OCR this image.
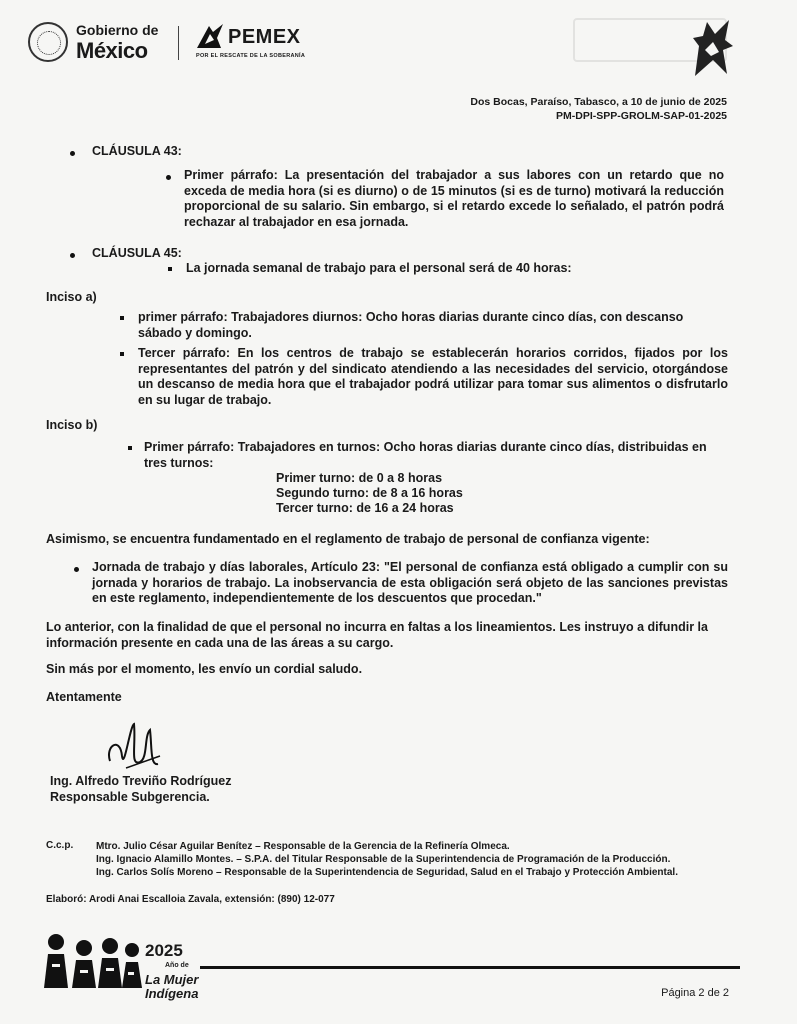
Gobierno de
México
PEMEX
POR EL RESCATE DE LA SOBERANÍA
Dos Bocas, Paraíso, Tabasco, a 10 de junio de 2025
PM-DPI-SPP-GROLM-SAP-01-2025
CLÁUSULA 43:
Primer párrafo: La presentación del trabajador a sus labores con un retardo que no exceda de media hora (si es diurno) o de 15 minutos (si es de turno) motivará la reducción proporcional de su salario. Sin embargo, si el retardo excede lo señalado, el patrón podrá rechazar al trabajador en esa jornada.
CLÁUSULA 45:
La jornada semanal de trabajo para el personal será de 40 horas:
Inciso a)
primer párrafo: Trabajadores diurnos: Ocho horas diarias durante cinco días, con descanso sábado y domingo.
Tercer párrafo: En los centros de trabajo se establecerán horarios corridos, fijados por los representantes del patrón y del sindicato atendiendo a las necesidades del servicio, otorgándose un descanso de media hora que el trabajador podrá utilizar para tomar sus alimentos o disfrutarlo en su lugar de trabajo.
Inciso b)
Primer párrafo: Trabajadores en turnos: Ocho horas diarias durante cinco días, distribuidas en tres turnos:
Primer turno: de 0 a 8 horas
Segundo turno: de 8 a 16 horas
Tercer turno: de 16 a 24 horas
Asimismo, se encuentra fundamentado en el reglamento de trabajo de personal de confianza vigente:
Jornada de trabajo y días laborales, Artículo 23: "El personal de confianza está obligado a cumplir con su jornada y horarios de trabajo. La inobservancia de esta obligación será objeto de las sanciones previstas en este reglamento, independientemente de los descuentos que procedan."
Lo anterior, con la finalidad de que el personal no incurra en faltas a los lineamientos. Les instruyo a difundir la información presente en cada una de las áreas a su cargo.
Sin más por el momento, les envío un cordial saludo.
Atentamente
Ing. Alfredo Treviño Rodríguez
Responsable Subgerencia.
C.c.p. Mtro. Julio César Aguilar Benítez – Responsable de la Gerencia de la Refinería Olmeca.
Ing. Ignacio Alamillo Montes. – S.P.A. del Titular Responsable de la Superintendencia de Programación de la Producción.
Ing. Carlos Solís Moreno – Responsable de la Superintendencia de Seguridad, Salud en el Trabajo y Protección Ambiental.
Elaboró: Arodi Anai Escalloia Zavala, extensión: (890) 12-077
2025
Año de
La Mujer
Indígena	Página 2 de 2
